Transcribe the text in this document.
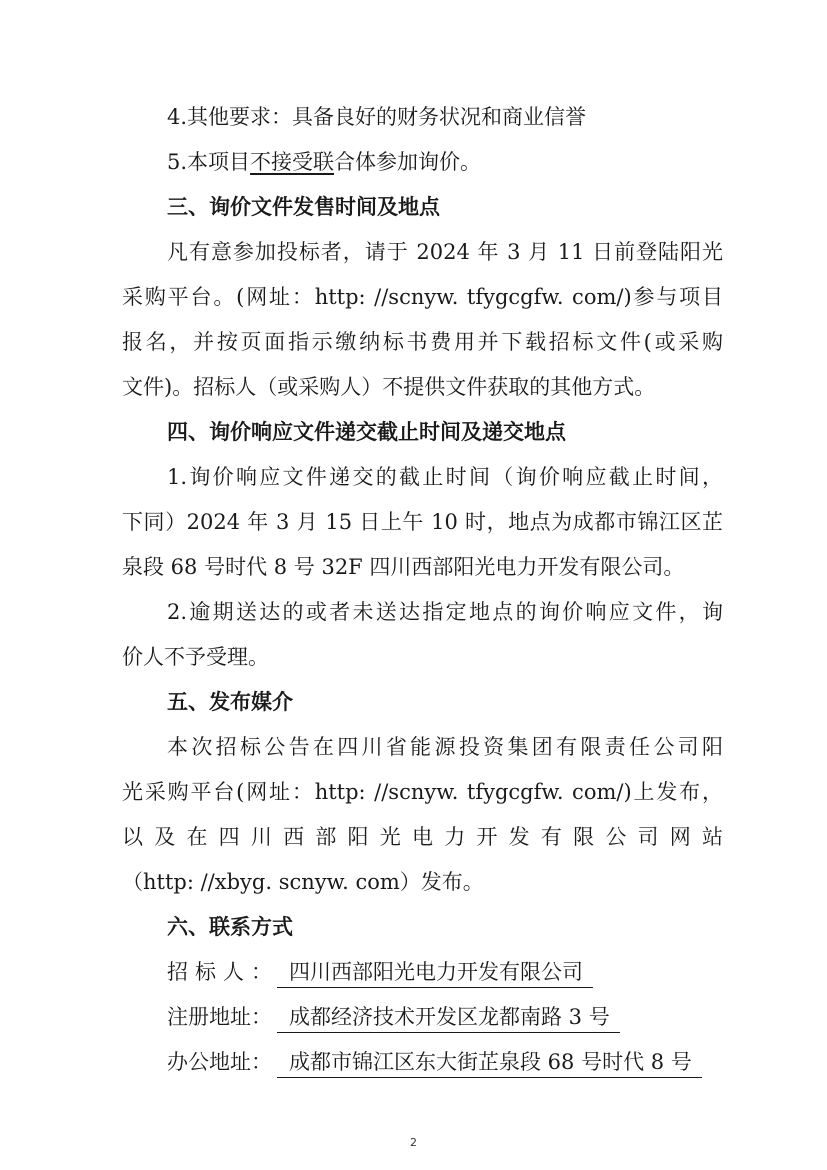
4.其他要求：具备良好的财务状况和商业信誉
5.本项目不接受联合体参加询价。
三、询价文件发售时间及地点
凡有意参加投标者，请于 2024 年 3 月 11 日前登陆阳光
采购平台。(网址：http: //scnyw. tfygcgfw. com/)参与项目
报名，并按页面指示缴纳标书费用并下载招标文件(或采购
文件)。招标人（或采购人）不提供文件获取的其他方式。
四、询价响应文件递交截止时间及递交地点
1.询价响应文件递交的截止时间（询价响应截止时间，
下同）2024 年 3 月 15 日上午 10 时，地点为成都市锦江区芷
泉段 68 号时代 8 号 32F 四川西部阳光电力开发有限公司。
2.逾期送达的或者未送达指定地点的询价响应文件，询
价人不予受理。
五、发布媒介
本次招标公告在四川省能源投资集团有限责任公司阳
光采购平台(网址：http: //scnyw. tfygcgfw. com/)上发布，
以及在四川西部阳光电力开发有限公司网站
（http: //xbyg. scnyw. com）发布。
六、联系方式
招标人： 四川西部阳光电力开发有限公司
注册地址： 成都经济技术开发区龙都南路 3 号
办公地址： 成都市锦江区东大街芷泉段 68 号时代 8 号
2
